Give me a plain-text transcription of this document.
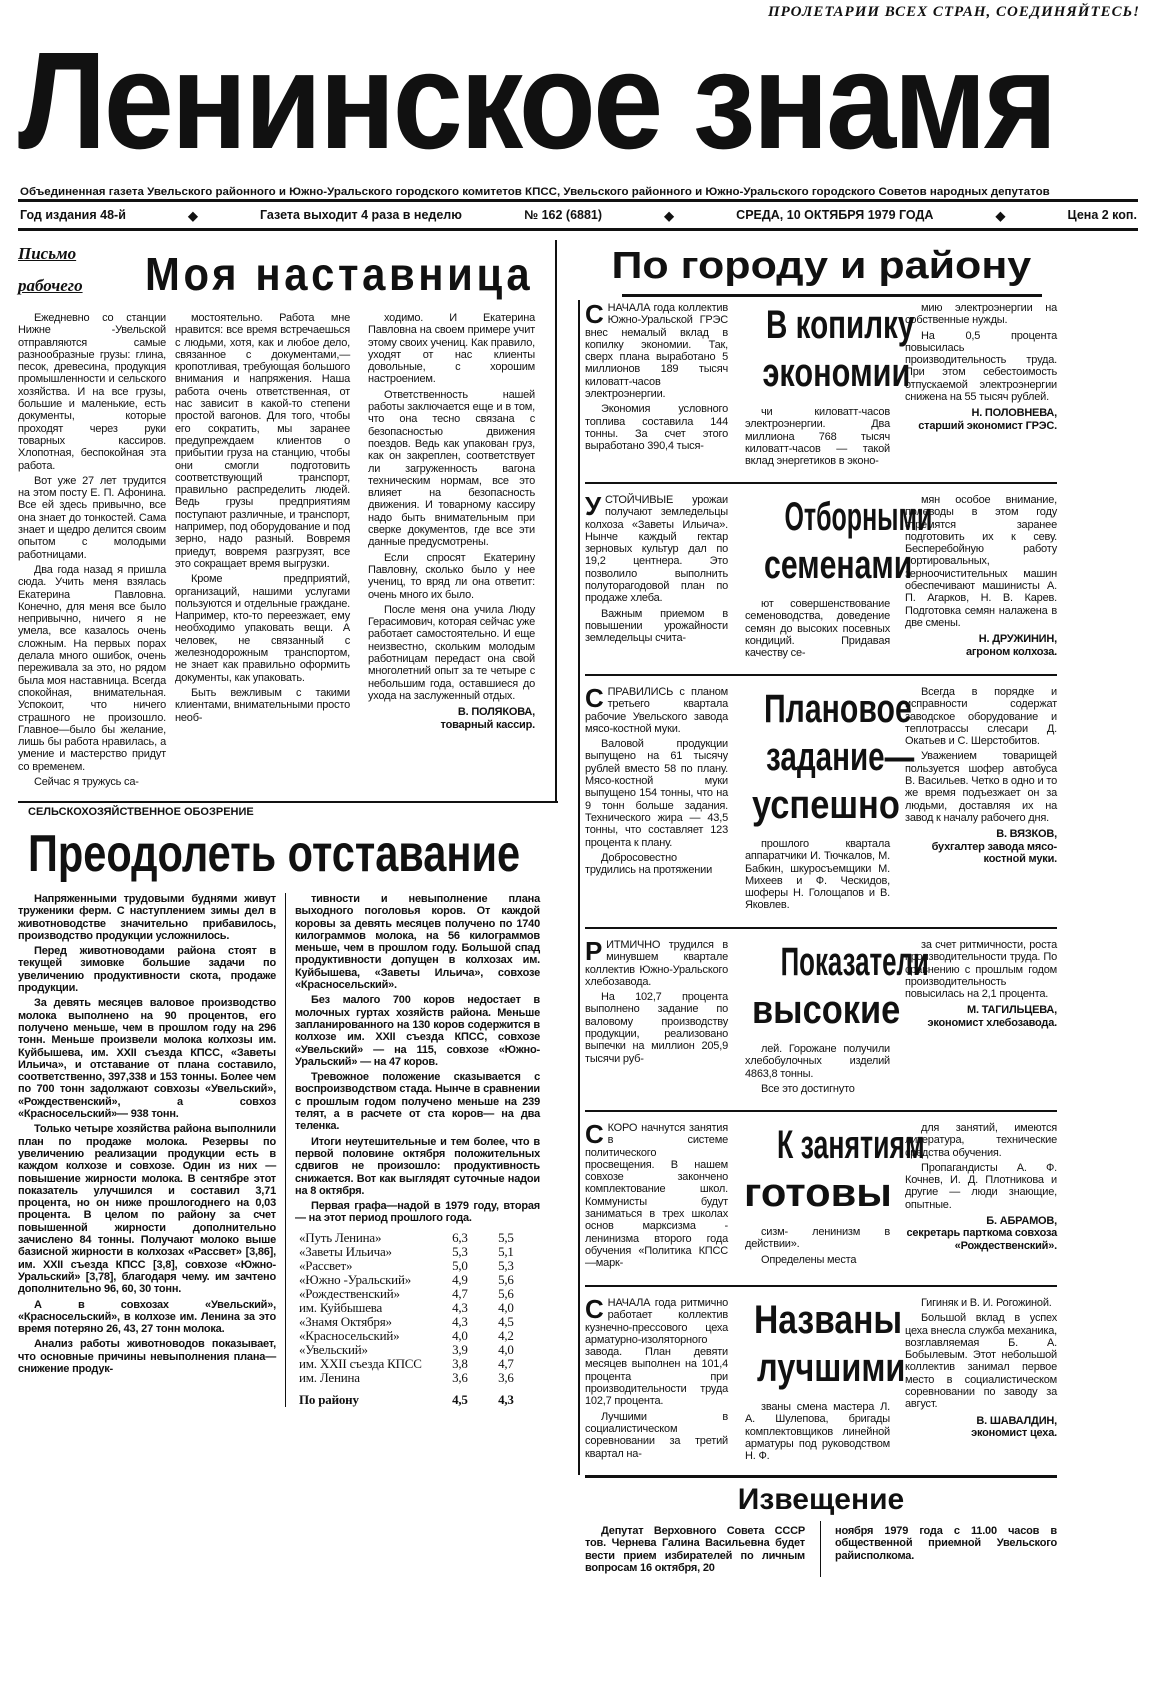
ПРОЛЕТАРИИ ВСЕХ СТРАН, СОЕДИНЯЙТЕСЬ!
Ленинское знамя
Объединенная газета Увельского районного и Южно-Уральского городского комитетов КПСС, Увельского районного и Южно-Уральского городского Советов народных депутатов
Год издания 48-й	◆	Газета выходит 4 раза в неделю	№ 162 (6881)	◆	СРЕДА, 10 ОКТЯБРЯ 1979 ГОДА	◆	Цена 2 коп.
Письмо
рабочего Моя наставница

Ежедневно со станции Нижне -Увельской отправляются самые разнообразные грузы: глина, песок, древесина, продукция промышленности и сельского хозяйства. И на все грузы, большие и маленькие, есть документы, которые проходят через руки товарных кассиров. Хлопотная, беспокойная эта работа.

Вот уже 27 лет трудится на этом посту Е. П. Афонина. Все ей здесь привычно, все она знает до тонкостей. Сама знает и щедро делится своим опытом с молодыми работницами.

Два года назад я пришла сюда. Учить меня взялась Екатерина Павловна. Конечно, для меня все было непривычно, ничего я не умела, все казалось очень сложным. На первых порах делала много ошибок, очень переживала за это, но рядом была моя наставница. Всегда спокойная, внимательная. Успокоит, что ничего страшного не произошло. Главное—было бы желание, лишь бы работа нравилась, а умение и мастерство придут со временем.

Сейчас я тружусь са-

мостоятельно. Работа мне нравится: все время встречаешься с людьми, хотя, как и любое дело, связанное с документами,— кропотливая, требующая большого внимания и напряжения. Наша работа очень ответственная, от нас зависит в какой-то степени простой вагонов. Для того, чтобы его сократить, мы заранее предупреждаем клиентов о прибытии груза на станцию, чтобы они смогли подготовить соответствующий транспорт, правильно распределить людей. Ведь грузы предприятиям поступают различные, и транспорт, например, под оборудование и под зерно, надо разный. Вовремя приедут, вовремя разгрузят, все это сокращает время выгрузки.

Кроме предприятий, организаций, нашими услугами пользуются и отдельные граждане. Например, кто-то переезжает, ему необходимо упаковать вещи. А человек, не связанный с железнодорожным транспортом, не знает как правильно оформить документы, как упаковать.

Быть вежливым с такими клиентами, внимательными просто необ-

ходимо. И Екатерина Павловна на своем примере учит этому своих учениц. Как правило, уходят от нас клиенты довольные, с хорошим настроением.

Ответственность нашей работы заключается еще и в том, что она тесно связана с безопасностью движения поездов. Ведь как упакован груз, как он закреплен, соответствует ли загруженность вагона техническим нормам, все это влияет на безопасность движения. И товарному кассиру надо быть внимательным при сверке документов, где все эти данные предусмотрены.

Если спросят Екатерину Павловну, сколько было у нее учениц, то вряд ли она ответит: очень много их было.

После меня она учила Люду Герасимович, которая сейчас уже работает самостоятельно. И еще неизвестно, скольким молодым работницам передаст она свой многолетний опыт за те четыре с небольшим года, оставшиеся до ухода на заслуженный отдых.

В. ПОЛЯКОВА,
товарный кассир.
По городу и району

СНАЧАЛА года коллектив Южно-Уральской ГРЭС внес немалый вклад в копилку экономии. Так, сверх плана выработано 5 миллионов 189 тысяч киловатт-часов электроэнергии.

Экономия условного топлива составила 144 тонны. За счет этого выработано 390,4 тыся-

В копилку
экономии

чи киловатт-часов электроэнергии. Два миллиона 768 тысяч киловатт-часов — такой вклад энергетиков в эконо-

мию электроэнергии на собственные нужды.

На 0,5 процента повысилась производительность труда. При этом себестоимость отпускаемой электроэнергии снижена на 55 тысяч рублей.

Н. ПОЛОВНЕВА,
старший экономист ГРЭС.

УСТОЙЧИВЫЕ урожаи получают земледельцы колхоза «Заветы Ильича». Нынче каждый гектар зерновых культур дал по 19,2 центнера. Это позволило выполнить полуторагодовой план по продаже хлеба.

Важным приемом в повышении урожайности земледельцы счита-

Отборными
семенами

ют совершенствование семеноводства, доведение семян до высоких посевных кондиций. Придавая качеству се-

мян особое внимание, полеводы в этом году стремятся заранее подготовить их к севу. Бесперебойную работу сортировальных, зерноочистительных машин обеспечивают машинисты А. П. Агарков, Н. В. Карев. Подготовка семян налажена в две смены.

Н. ДРУЖИНИН,
агроном колхоза.

СПРАВИЛИСЬ с планом третьего квартала рабочие Увельского завода мясо-костной муки.

Валовой продукции выпущено на 61 тысячу рублей вместо 58 по плану. Мясо-костной муки выпущено 154 тонны, что на 9 тонн больше задания. Технического жира — 43,5 тонны, что составляет 123 процента к плану.

Добросовестно трудились на протяжении

Плановое
задание—
успешно

прошлого квартала аппаратчики И. Тючкалов, М. Бабкин, шкуросъемщики М. Михеев и Ф. Ческидов, шоферы Н. Голощапов и В. Яковлев.

Всегда в порядке и исправности содержат заводское оборудование и теплотрассы слесари Д. Окатьев и С. Шерстобитов.

Уважением товарищей пользуется шофер автобуса В. Васильев. Четко в одно и то же время подъезжает он за людьми, доставляя их на завод к началу рабочего дня.

В. ВЯЗКОВ,
бухгалтер завода мясо-костной муки.

РИТМИЧНО трудился в минувшем квартале коллектив Южно-Уральского хлебозавода.

На 102,7 процента выполнено задание по валовому производству продукции, реализовано выпечки на миллион 205,9 тысячи руб-

Показатели
высокие

лей. Горожане получили хлебобулочных изделий 4863,8 тонны.

Все это достигнуто

за счет ритмичности, роста производительности труда. По сравнению с прошлым годом производительность повысилась на 2,1 процента.

М. ТАГИЛЬЦЕВА,
экономист хлебозавода.

СКОРО начнутся занятия в системе политического просвещения. В нашем совхозе закончено комплектование школ. Коммунисты будут заниматься в трех школах основ марксизма - ленинизма второго года обучения «Политика КПСС—марк-

К занятиям
готовы

сизм- ленинизм в действии».

Определены места

для занятий, имеются литература, технические средства обучения.

Пропагандисты А. Ф. Кочнев, И. Д. Плотникова и другие — люди знающие, опытные.

Б. АБРАМОВ,
секретарь парткома совхоза «Рождественский».

СНАЧАЛА года ритмично работает коллектив кузнечно-прессового цеха арматурно-изоляторного завода. План девяти месяцев выполнен на 101,4 процента при производительности труда 102,7 процента.

Лучшими в социалистическом соревновании за третий квартал на-

Названы
лучшими

званы смена мастера Л. А. Шулепова, бригады комплектовщиков линейной арматуры под руководством Н. Ф.

Гигиняк и В. И. Рогожиной.

Большой вклад в успех цеха внесла служба механика, возглавляемая Б. А. Бобылевым. Этот небольшой коллектив занимал первое место в социалистическом соревновании по заводу за август.

В. ШАВАЛДИН,
экономист цеха.
Извещение

Депутат Верховного Совета СССР тов. Чернева Галина Васильевна будет вести прием избирателей по личным вопросам 16 октября, 20

ноября 1979 года с 11.00 часов в общественной приемной Увельского райисполкома.

СЕЛЬСКОХОЗЯЙСТВЕННОЕ ОБОЗРЕНИЕ
Преодолеть отставание

Напряженными трудовыми буднями живут труженики ферм. С наступлением зимы дел в животноводстве значительно прибавилось, производство продукции усложнилось.

Перед животноводами района стоят в текущей зимовке большие задачи по увеличению продуктивности скота, продаже продукции.

За девять месяцев валовое производство молока выполнено на 90 процентов, его получено меньше, чем в прошлом году на 296 тонн. Меньше произвели молока колхозы им. Куйбышева, им. XXII съезда КПСС, «Заветы Ильича», и отставание от плана составило, соответственно, 397,338 и 153 тонны. Более чем по 700 тонн задолжают совхозы «Увельский», «Рождественский», а совхоз «Красносельский»— 938 тонн.

Только четыре хозяйства района выполнили план по продаже молока. Резервы по увеличению реализации продукции есть в каждом колхозе и совхозе. Один из них — повышение жирности молока. В сентябре этот показатель улучшился и составил 3,71 процента, но он ниже прошлогоднего на 0,03 процента. В целом по району за счет повышенной жирности дополнительно зачислено 84 тонны. Получают молоко выше базисной жирности в колхозах «Рассвет» [3,86], им. XXII съезда КПСС [3,8], совхозе «Южно-Уральский» [3,78], благодаря чему. им зачтено дополнительно 96, 60, 30 тонн.

А в совхозах «Увельский», «Красносельский», в колхозе им. Ленина за это время потеряно 26, 43, 27 тонн молока.

Анализ работы животноводов показывает, что основные причины невыполнения плана— снижение продук-

тивности и невыполнение плана выходного поголовья коров. От каждой коровы за девять месяцев получено по 1740 килограммов молока, на 56 килограммов меньше, чем в прошлом году. Большой спад продуктивности допущен в колхозах им. Куйбышева, «Заветы Ильича», совхозе «Красносельский».

Без малого 700 коров недостает в молочных гуртах хозяйств района. Меньше запланированного на 130 коров содержится в колхозе им. XXII съезда КПСС, совхозе «Увельский» — на 115, совхозе «Южно-Уральский» — на 47 коров.

Тревожное положение сказывается с воспроизводством стада. Нынче в сравнении с прошлым годом получено меньше на 239 телят, а в расчете от ста коров— на два теленка.

Итоги неутешительные и тем более, что в первой половине октября положительных сдвигов не произошло: продуктивность снижается. Вот как выглядят суточные надои на 8 октября.

Первая графа—надой в 1979 году, вторая — на этот период прошлого года.

«Путь Ленина»	6,3	5,5
«Заветы Ильича»	5,3	5,1
«Рассвет»	5,0	5,3
«Южно -Уральский»	4,9	5,6
«Рождественский»	4,7	5,6
им. Куйбышева	4,3	4,0
«Знамя Октября»	4,3	4,5
«Красносельский»	4,0	4,2
«Увельский»	3,9	4,0
им. XXII съезда КПСС	3,8	4,7
им. Ленина	3,6	3,6
По району	4,5	4,3
